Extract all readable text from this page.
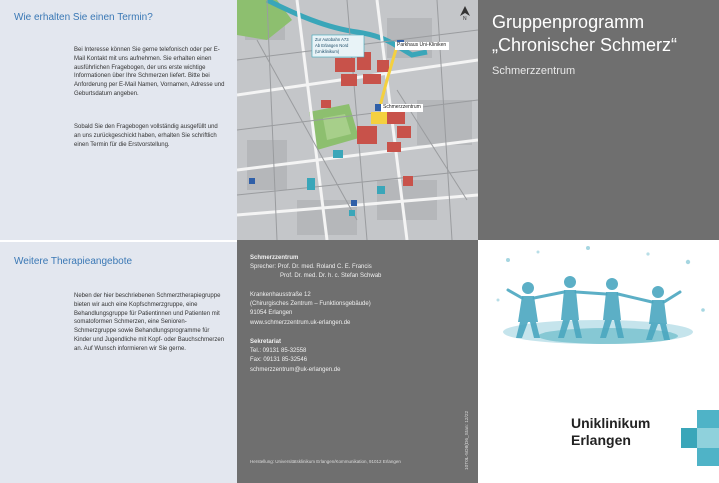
Wie erhalten Sie einen Termin?

Bei Interesse können Sie gerne telefonisch oder per E-Mail Kontakt mit uns aufnehmen. Sie erhalten einen ausführlichen Fragebogen, der uns erste wichtige Informationen über Ihre Schmerzen liefert. Bitte bei Anforderung per E-Mail Namen, Vornamen, Adresse und Geburtsdatum angeben.

Sobald Sie den Fragebogen vollständig ausgefüllt und an uns zurückgeschickt haben, erhalten Sie schriftlich einen Termin für die Erstvorstellung.

Weitere Therapieangebote

Neben der hier beschriebenen Schmerztherapiegruppe bieten wir auch eine Kopfschmerzgruppe, eine Behandlungsgruppe für Patientinnen und Patienten mit somatoformen Schmerzen, eine Senioren-Schmerzgruppe sowie Behandlungsprogramme für Kinder und Jugendliche mit Kopf- oder Bauchschmerzen an. Auf Wunsch informieren wir Sie gerne.

Parkhaus Uni-Kliniken
Schmerzzentrum
Zur Autobahn A73
Ab Erlangen Nord
(Uniklinikum)
N
Schmerzzentrum
Sprecher: Prof. Dr. med. Roland C. E. Francis
Prof. Dr. med. Dr. h. c. Stefan Schwab
Krankenhausstraße 12
(Chirurgisches Zentrum – Funktionsgebäude)
91054 Erlangen
www.schmerzzentrum.uk-erlangen.de
Sekretariat
Tel.: 09131 85-32558
Fax: 09131 85-32546
schmerzzentrum@uk-erlangen.de
Herstellung: Universitätsklinikum Erlangen/Kommunikation, 91012 Erlangen	10T0L-5O8(D6_Stan: 12/22
Gruppenprogramm
„Chronischer Schmerz“
Schmerzzentrum
Uniklinikum
Erlangen
